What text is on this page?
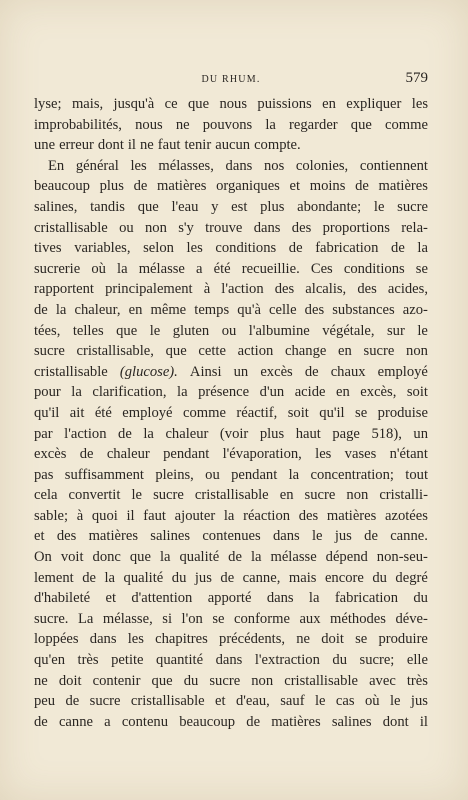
DU RHUM.	579
lyse; mais, jusqu'à ce que nous puissions en expliquer les
improbabilités, nous ne pouvons la regarder que comme
une erreur dont il ne faut tenir aucun compte.
En général les mélasses, dans nos colonies, contiennent
beaucoup plus de matières organiques et moins de matières
salines, tandis que l'eau y est plus abondante; le sucre
cristallisable ou non s'y trouve dans des proportions rela-
tives variables, selon les conditions de fabrication de la
sucrerie où la mélasse a été recueillie. Ces conditions se
rapportent principalement à l'action des alcalis, des acides,
de la chaleur, en même temps qu'à celle des substances azo-
tées, telles que le gluten ou l'albumine végétale, sur le
sucre cristallisable, que cette action change en sucre non
cristallisable (glucose). Ainsi un excès de chaux employé
pour la clarification, la présence d'un acide en excès, soit
qu'il ait été employé comme réactif, soit qu'il se produise
par l'action de la chaleur (voir plus haut page 518), un
excès de chaleur pendant l'évaporation, les vases n'étant
pas suffisamment pleins, ou pendant la concentration; tout
cela convertit le sucre cristallisable en sucre non cristalli-
sable; à quoi il faut ajouter la réaction des matières azotées
et des matières salines contenues dans le jus de canne.
On voit donc que la qualité de la mélasse dépend non-seu-
lement de la qualité du jus de canne, mais encore du degré
d'habileté et d'attention apporté dans la fabrication du
sucre. La mélasse, si l'on se conforme aux méthodes déve-
loppées dans les chapitres précédents, ne doit se produire
qu'en très petite quantité dans l'extraction du sucre; elle
ne doit contenir que du sucre non cristallisable avec très
peu de sucre cristallisable et d'eau, sauf le cas où le jus
de canne a contenu beaucoup de matières salines dont il
